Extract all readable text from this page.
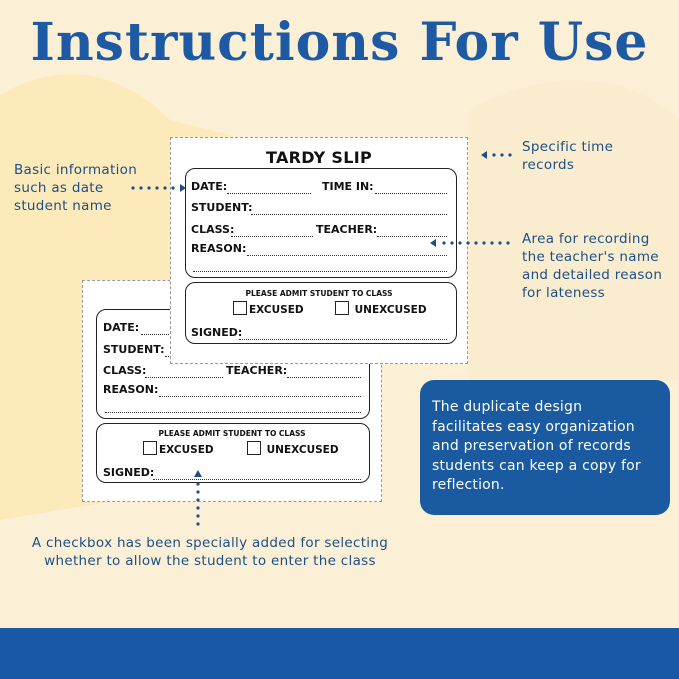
Instructions For Use
DATE:
STUDENT:
CLASS:	TEACHER:
REASON:
PLEASE ADMIT STUDENT TO CLASS
EXCUSED	UNEXCUSED
SIGNED:
TARDY SLIP
DATE:	TIME IN:
STUDENT:
CLASS:	TEACHER:
REASON:
PLEASE ADMIT STUDENT TO CLASS
EXCUSED	UNEXCUSED
SIGNED:
Basic information
such as date
student name
Specific time
records
Area for recording
the teacher's name
and detailed reason
for lateness
A checkbox has been specially added for selecting
whether to allow the student to enter the class
The duplicate design
facilitates easy organization
and preservation of records
students can keep a copy for
reflection.
